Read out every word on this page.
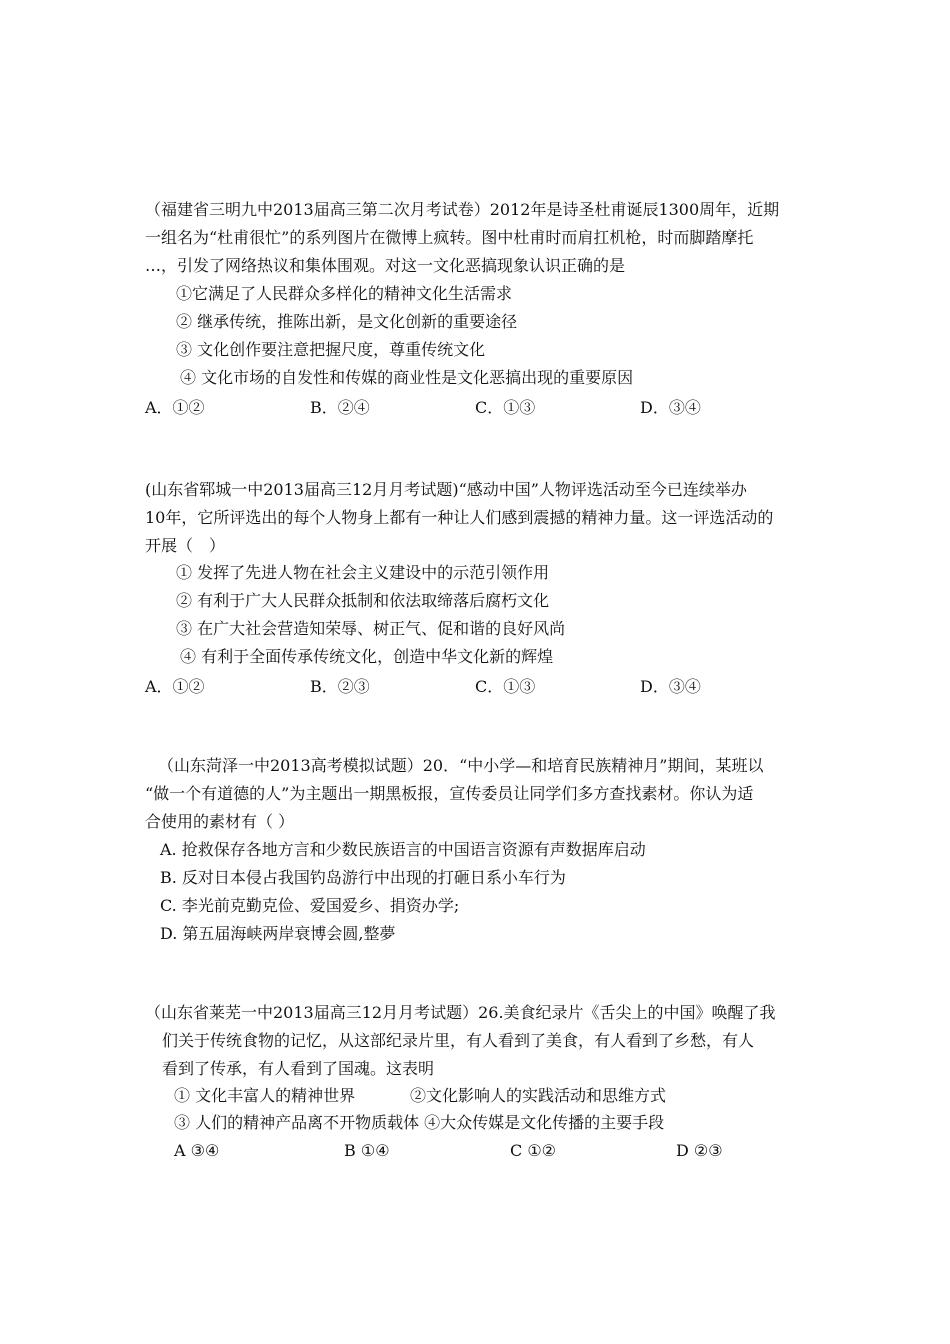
（福建省三明九中2013届高三第二次月考试卷）2012年是诗圣杜甫诞辰1300周年，近期
一组名为“杜甫很忙”的系列图片在微博上疯转。图中杜甫时而肩扛机枪，时而脚踏摩托
…，引发了网络热议和集体围观。对这一文化恶搞现象认识正确的是
①它满足了人民群众多样化的精神文化生活需求
② 继承传统，推陈出新，是文化创新的重要途径
③ 文化创作要注意把握尺度，尊重传统文化
④ 文化市场的自发性和传媒的商业性是文化恶搞出现的重要原因
A．①②	B．②④	C．①③	D．③④
(山东省郓城一中2013届高三12月月考试题)“感动中国”人物评选活动至今已连续举办
10年，它所评选出的每个人物身上都有一种让人们感到震撼的精神力量。这一评选活动的
开展（　）
① 发挥了先进人物在社会主义建设中的示范引领作用
② 有利于广大人民群众抵制和依法取缔落后腐朽文化
③ 在广大社会营造知荣辱、树正气、促和谐的良好风尚
④ 有利于全面传承传统文化，创造中华文化新的辉煌
A．①②	B．②③	C．①③	D．③④
（山东菏泽一中2013高考模拟试题）20．“中小学—和培育民族精神月”期间，某班以
“做一个有道德的人”为主题出一期黑板报，宣传委员让同学们多方查找素材。你认为适
合使用的素材有（ ）
A. 抢救保存各地方言和少数民族语言的中国语言资源有声数据库启动
B. 反对日本侵占我国钓岛游行中出现的打砸日系小车行为
C. 李光前克勤克俭、爱国爱乡、捐资办学;
D. 第五届海峡两岸衰博会圆,整夢
（山东省莱芜一中2013届高三12月月考试题）26.美食纪录片《舌尖上的中国》唤醒了我
们关于传统食物的记忆，从这部纪录片里，有人看到了美食，有人看到了乡愁，有人
看到了传承，有人看到了国魂。这表明
① 文化丰富人的精神世界	②文化影响人的实践活动和思维方式
③ 人们的精神产品离不开物质载体 ④大众传媒是文化传播的主要手段
A ③④	B ①④	C ①②	D ②③
